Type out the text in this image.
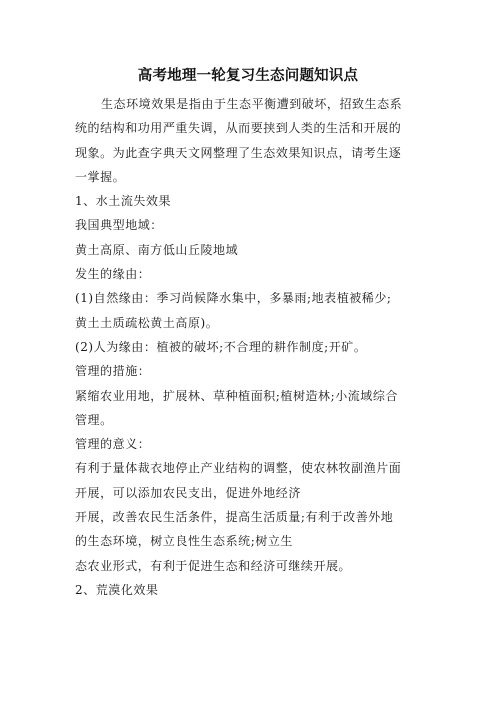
高考地理一轮复习生态问题知识点
生态环境效果是指由于生态平衡遭到破坏，招致生态系
统的结构和功用严重失调，从而要挟到人类的生活和开展的
现象。为此查字典天文网整理了生态效果知识点，请考生逐
一掌握。
1、水土流失效果
我国典型地域：
黄土高原、南方低山丘陵地域
发生的缘由：
(1)自然缘由：季习尚候降水集中，多暴雨;地表植被稀少;
黄土土质疏松黄土高原)。
(2)人为缘由：植被的破坏;不合理的耕作制度;开矿。
管理的措施：
紧缩农业用地，扩展林、草种植面积;植树造林;小流域综合
管理。
管理的意义：
有利于量体裁衣地停止产业结构的调整，使农林牧副渔片面
开展，可以添加农民支出，促进外地经济
开展，改善农民生活条件，提高生活质量;有利于改善外地
的生态环境，树立良性生态系统;树立生
态农业形式，有利于促进生态和经济可继续开展。
2、荒漠化效果
